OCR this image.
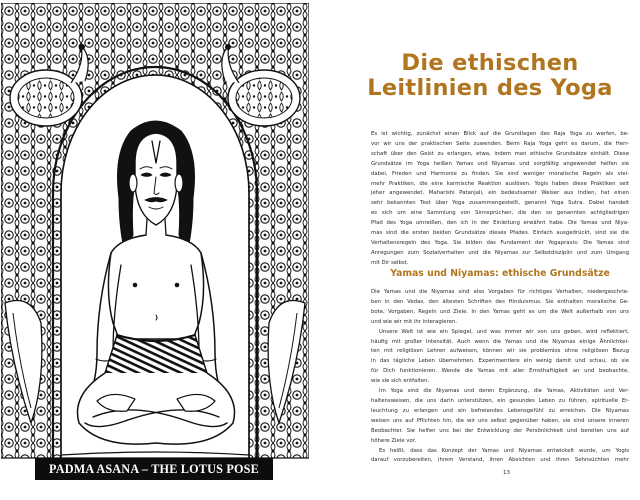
PADMA ASANA – THE LOTUS POSE
Die ethischen
Leitlinien des Yoga
Es ist wichtig, zunächst einen Blick auf die Grundlagen des Raja Yoga zu werfen, be-
vor wir uns der praktischen Seite zuwenden. Beim Raja Yoga geht es darum, die Herr-
schaft über den Geist zu erlangen, etwa, indem man ethische Grundsätze einhält. Diese
Grundsätze im Yoga heißen Yamas und Niyamas und sorgfältig angewendet helfen sie
dabei, Frieden und Harmonie zu finden. Sie sind weniger moralische Regeln als viel-
mehr Praktiken, die eine karmische Reaktion auslösen. Yogis haben diese Praktiken seit
jeher angewendet. Maharishi Patanjali, ein bedeutsamer Weiser aus Indien, hat einen
sehr bekannten Text über Yoga zusammengestellt, genannt Yoga Sutra. Dabei handelt
es sich um eine Sammlung von Sinnsprüchen, die den so genannten achtgliedrigen
Pfad des Yoga umreißen, den ich in der Einleitung erwähnt habe. Die Yamas und Niya-
mas sind die ersten beiden Grundsätze dieses Pfades. Einfach ausgedrückt, sind sie die
Verhaltensregeln des Yoga. Sie bilden das Fundament der Yogapraxis: Die Yamas sind
Anregungen zum Sozialverhalten und die Niyamas zur Selbstdisziplin und zum Umgang
mit Dir selbst.
Yamas und Niyamas: ethische Grundsätze
Die Yamas und die Niyamas sind also Vorgaben für richtiges Verhalten, niedergeschrie-
ben in den Vedas, den ältesten Schriften des Hinduismus. Sie enthalten moralische Ge-
bote, Vorgaben, Regeln und Ziele. In den Yamas geht es um die Welt außerhalb von uns
und wie wir mit ihr interagieren.
Unsere Welt ist wie ein Spiegel, und was immer wir von uns geben, wird reflektiert,
häufig mit großer Intensität. Auch wenn die Yamas und die Niyamas einige Ähnlichkei-
ten mit religiösen Lehren aufweisen, können wir sie problemlos ohne religiösen Bezug
in das tägliche Leben übernehmen. Experimentiere ein wenig damit und schau, ob sie
für Dich funktionieren. Wende die Yamas mit aller Ernsthaftigkeit an und beobachte,
wie sie sich entfalten.
Im Yoga sind die Niyamas und deren Ergänzung, die Yamas, Aktivitäten und Ver-
haltensweisen, die uns darin unterstützen, ein gesundes Leben zu führen, spirituelle Er-
leuchtung zu erlangen und ein befreiendes Lebensgefühl zu erreichen. Die Niyamas
weisen uns auf Pflichten hin, die wir uns selbst gegenüber haben, sie sind unsere inneren
Beobachter. Sie helfen uns bei der Entwicklung der Persönlichkeit und bereiten uns auf
höhere Ziele vor.
Es heißt, dass das Konzept der Yamas und Niyamas entwickelt wurde, um Yogis
darauf vorzubereiten, ihrem Verstand, ihren Absichten und ihren Sehnsüchten mehr
13
